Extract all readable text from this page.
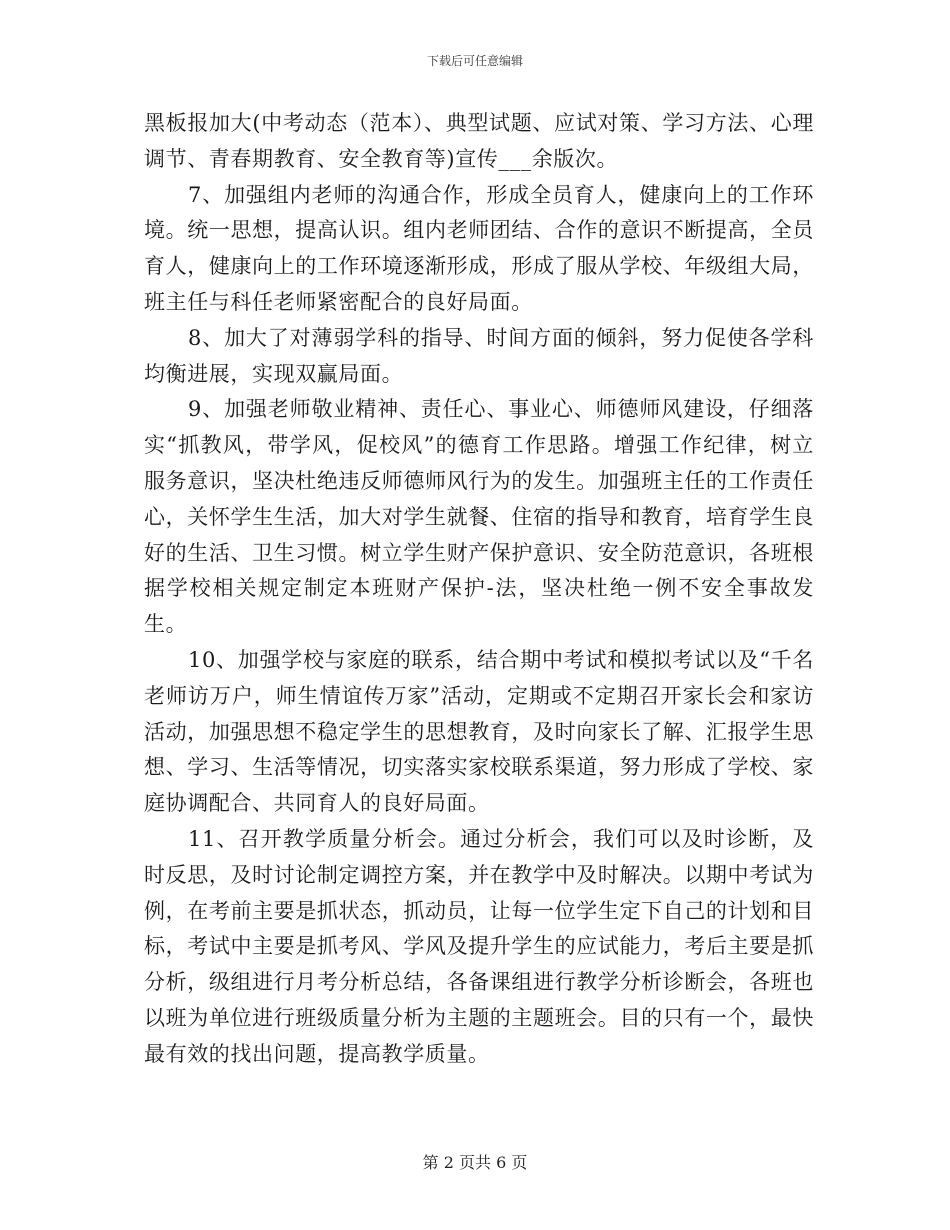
下载后可任意编辑

黑板报加大(中考动态（范本）、典型试题、应试对策、学习方法、心理调节、青春期教育、安全教育等)宣传___余版次。

7、加强组内老师的沟通合作，形成全员育人，健康向上的工作环境。统一思想，提高认识。组内老师团结、合作的意识不断提高，全员育人，健康向上的工作环境逐渐形成，形成了服从学校、年级组大局，班主任与科任老师紧密配合的良好局面。

8、加大了对薄弱学科的指导、时间方面的倾斜，努力促使各学科均衡进展，实现双赢局面。

9、加强老师敬业精神、责任心、事业心、师德师风建设，仔细落实“抓教风，带学风，促校风”的德育工作思路。增强工作纪律，树立服务意识，坚决杜绝违反师德师风行为的发生。加强班主任的工作责任心，关怀学生生活，加大对学生就餐、住宿的指导和教育，培育学生良好的生活、卫生习惯。树立学生财产保护意识、安全防范意识，各班根据学校相关规定制定本班财产保护-法，坚决杜绝一例不安全事故发生。

10、加强学校与家庭的联系，结合期中考试和模拟考试以及“千名老师访万户，师生情谊传万家”活动，定期或不定期召开家长会和家访活动，加强思想不稳定学生的思想教育，及时向家长了解、汇报学生思想、学习、生活等情况，切实落实家校联系渠道，努力形成了学校、家庭协调配合、共同育人的良好局面。

11、召开教学质量分析会。通过分析会，我们可以及时诊断，及时反思，及时讨论制定调控方案，并在教学中及时解决。以期中考试为例，在考前主要是抓状态，抓动员，让每一位学生定下自己的计划和目标，考试中主要是抓考风、学风及提升学生的应试能力，考后主要是抓分析，级组进行月考分析总结，各备课组进行教学分析诊断会，各班也以班为单位进行班级质量分析为主题的主题班会。目的只有一个，最快最有效的找出问题，提高教学质量。

第 2 页共 6 页
